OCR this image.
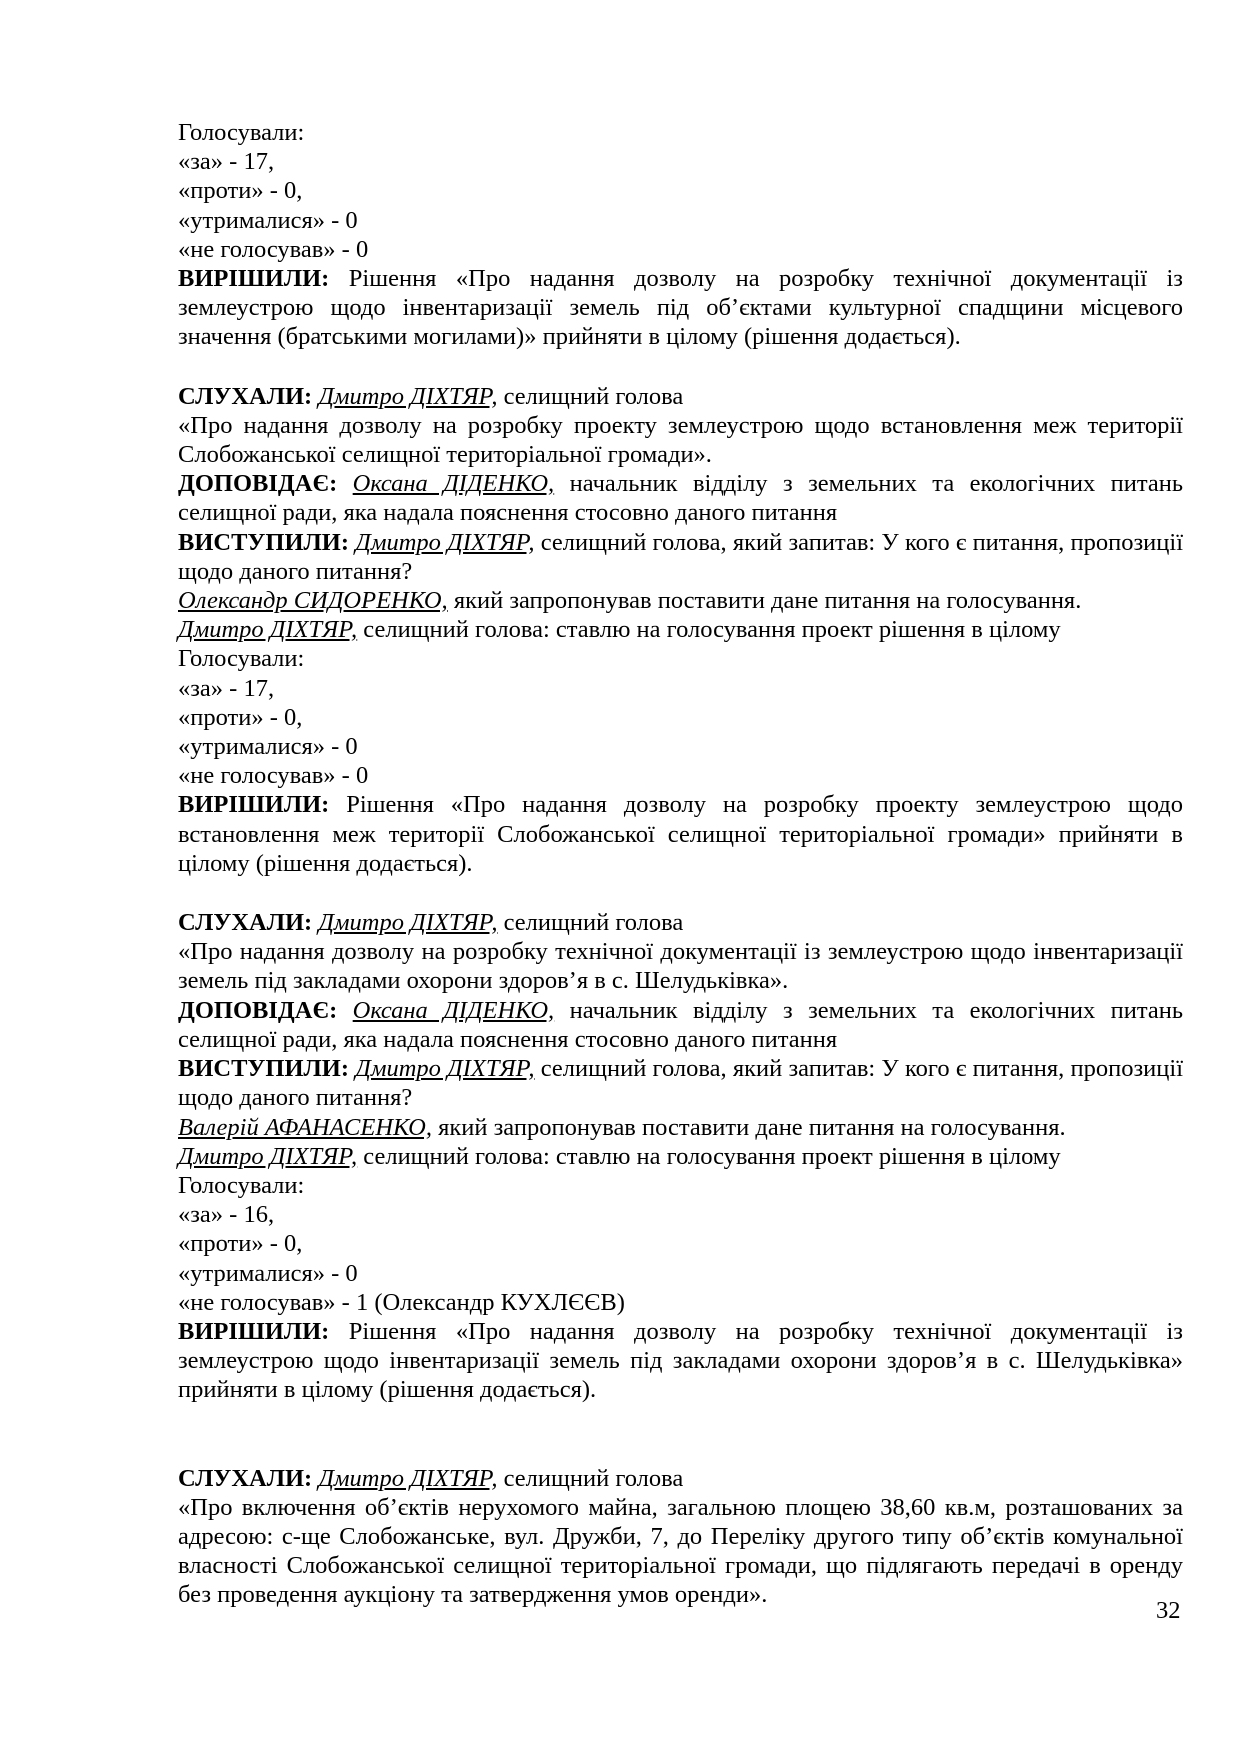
Голосували:
«за» - 17,
«проти» - 0,
«утрималися» - 0
«не голосував» - 0
ВИРІШИЛИ: Рішення «Про надання дозволу на розробку технічної документації із землеустрою щодо інвентаризації земель під об’єктами культурної спадщини місцевого значення (братськими могилами)» прийняти в цілому (рішення додається).
СЛУХАЛИ: Дмитро ДІХТЯР, селищний голова
«Про надання дозволу на розробку проекту землеустрою щодо встановлення меж території Слобожанської селищної територіальної громади».
ДОПОВІДАЄ: Оксана ДІДЕНКО, начальник відділу з земельних та екологічних питань селищної ради, яка надала пояснення стосовно даного питання
ВИСТУПИЛИ: Дмитро ДІХТЯР, селищний голова, який запитав: У кого є питання, пропозиції щодо даного питання?
Олександр СИДОРЕНКО, який запропонував поставити дане питання на голосування.
Дмитро ДІХТЯР, селищний голова: ставлю на голосування проект рішення в цілому
Голосували:
«за» - 17,
«проти» - 0,
«утрималися» - 0
«не голосував» - 0
ВИРІШИЛИ: Рішення «Про надання дозволу на розробку проекту землеустрою щодо встановлення меж території Слобожанської селищної територіальної громади» прийняти в цілому (рішення додається).
СЛУХАЛИ: Дмитро ДІХТЯР, селищний голова
«Про надання дозволу на розробку технічної документації із землеустрою щодо інвентаризації земель під закладами охорони здоров’я в с. Шелудьківка».
ДОПОВІДАЄ: Оксана ДІДЕНКО, начальник відділу з земельних та екологічних питань селищної ради, яка надала пояснення стосовно даного питання
ВИСТУПИЛИ: Дмитро ДІХТЯР, селищний голова, який запитав: У кого є питання, пропозиції щодо даного питання?
Валерій АФАНАСЕНКО, який запропонував поставити дане питання на голосування.
Дмитро ДІХТЯР, селищний голова: ставлю на голосування проект рішення в цілому
Голосували:
«за» - 16,
«проти» - 0,
«утрималися» - 0
«не голосував» - 1 (Олександр КУХЛЄЄВ)
ВИРІШИЛИ: Рішення «Про надання дозволу на розробку технічної документації із землеустрою щодо інвентаризації земель під закладами охорони здоров’я в с. Шелудьківка» прийняти в цілому (рішення додається).
СЛУХАЛИ: Дмитро ДІХТЯР, селищний голова
«Про включення об’єктів нерухомого майна, загальною площею 38,60 кв.м, розташованих за адресою: с-ще Слобожанське, вул. Дружби, 7, до Переліку другого типу об’єктів комунальної власності Слобожанської селищної територіальної громади, що підлягають передачі в оренду без проведення аукціону та затвердження умов оренди».
32
